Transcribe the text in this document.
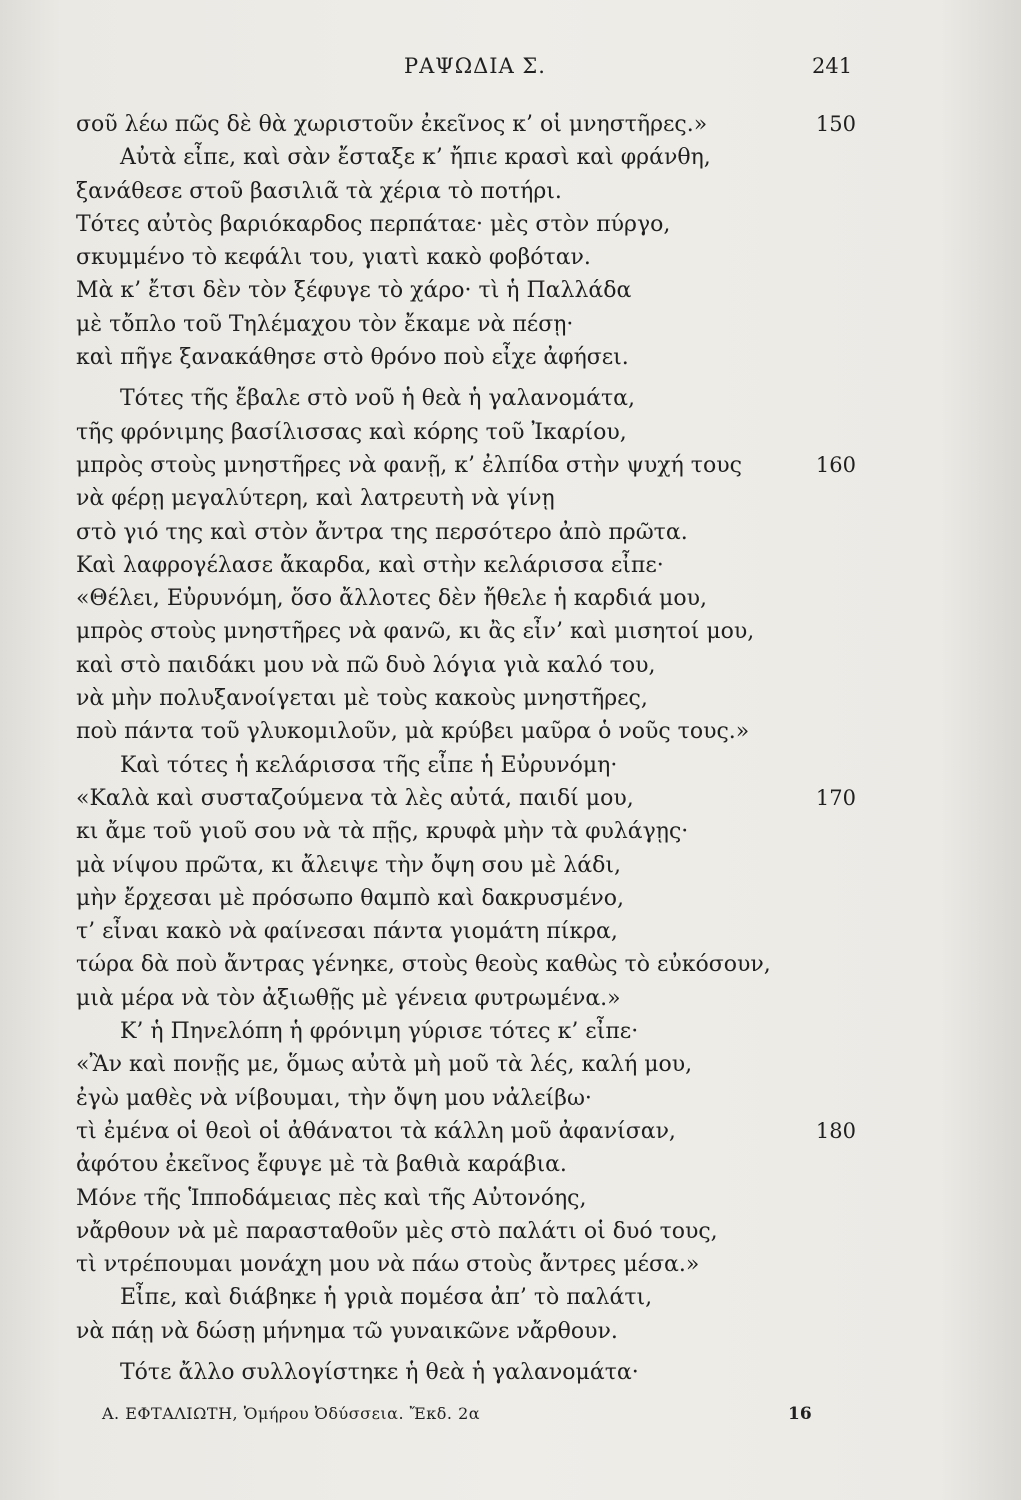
ΡΑΨΩΔΙΑ Σ.	241
σοῦ λέω πῶς δὲ θὰ χωριστοῦν ἐκεῖνος κ’ οἱ μνηστῆρες.»	150
Αὐτὰ εἶπε, καὶ σὰν ἔσταξε κ’ ἤπιε κρασὶ καὶ φράνθη,
ξανάθεσε στοῦ βασιλιᾶ τὰ χέρια τὸ ποτήρι.
Τότες αὐτὸς βαριόκαρδος περπάταε· μὲς στὸν πύργο,
σκυμμένο τὸ κεφάλι του, γιατὶ κακὸ φοβόταν.
Μὰ κ’ ἔτσι δὲν τὸν ξέφυγε τὸ χάρο· τὶ ἡ Παλλάδα
μὲ τὄπλο τοῦ Τηλέμαχου τὸν ἔκαμε νὰ πέσῃ·
καὶ πῆγε ξανακάθησε στὸ θρόνο ποὺ εἶχε ἀφήσει.
Τότες τῆς ἔβαλε στὸ νοῦ ἡ θεὰ ἡ γαλανομάτα,
τῆς φρόνιμης βασίλισσας καὶ κόρης τοῦ Ἰκαρίου,
μπρὸς στοὺς μνηστῆρες νὰ φανῇ, κ’ ἐλπίδα στὴν ψυχή τους	160
νὰ φέρῃ μεγαλύτερη, καὶ λατρευτὴ νὰ γίνῃ
στὸ γιό της καὶ στὸν ἄντρα της περσότερο ἀπὸ πρῶτα.
Καὶ λαφρογέλασε ἄκαρδα, καὶ στὴν κελάρισσα εἶπε·
«Θέλει, Εὐρυνόμη, ὅσο ἄλλοτες δὲν ἤθελε ἡ καρδιά μου,
μπρὸς στοὺς μνηστῆρες νὰ φανῶ, κι ἂς εἶν’ καὶ μισητοί μου,
καὶ στὸ παιδάκι μου νὰ πῶ δυὸ λόγια γιὰ καλό του,
νὰ μὴν πολυξανοίγεται μὲ τοὺς κακοὺς μνηστῆρες,
ποὺ πάντα τοῦ γλυκομιλοῦν, μὰ κρύβει μαῦρα ὁ νοῦς τους.»
Καὶ τότες ἡ κελάρισσα τῆς εἶπε ἡ Εὐρυνόμη·
«Καλὰ καὶ συσταζούμενα τὰ λὲς αὐτά, παιδί μου,	170
κι ἄμε τοῦ γιοῦ σου νὰ τὰ πῇς, κρυφὰ μὴν τὰ φυλάγῃς·
μὰ νίψου πρῶτα, κι ἄλειψε τὴν ὄψη σου μὲ λάδι,
μὴν ἔρχεσαι μὲ πρόσωπο θαμπὸ καὶ δακρυσμένο,
τ’ εἶναι κακὸ νὰ φαίνεσαι πάντα γιομάτη πίκρα,
τώρα δὰ ποὺ ἄντρας γένηκε, στοὺς θεοὺς καθὼς τὸ εὐκόσουν,
μιὰ μέρα νὰ τὸν ἀξιωθῇς μὲ γένεια φυτρωμένα.»
Κ’ ἡ Πηνελόπη ἡ φρόνιμη γύρισε τότες κ’ εἶπε·
«Ἂν καὶ πονῇς με, ὅμως αὐτὰ μὴ μοῦ τὰ λές, καλή μου,
ἐγὼ μαθὲς νὰ νίβουμαι, τὴν ὄψη μου νἀλείβω·
τὶ ἐμένα οἱ θεοὶ οἱ ἀθάνατοι τὰ κάλλη μοῦ ἀφανίσαν,	180
ἀφότου ἐκεῖνος ἔφυγε μὲ τὰ βαθιὰ καράβια.
Μόνε τῆς Ἱπποδάμειας πὲς καὶ τῆς Αὐτονόης,
νἄρθουν νὰ μὲ παρασταθοῦν μὲς στὸ παλάτι οἱ δυό τους,
τὶ ντρέπουμαι μονάχη μου νὰ πάω στοὺς ἄντρες μέσα.»
Εἶπε, καὶ διάβηκε ἡ γριὰ πομέσα ἀπ’ τὸ παλάτι,
νὰ πάῃ νὰ δώσῃ μήνημα τῶ γυναικῶνε νἄρθουν.
Τότε ἄλλο συλλογίστηκε ἡ θεὰ ἡ γαλανομάτα·
Α. ΕΦΤΑΛΙΩΤΗ, Ὁμήρου Ὀδύσσεια. Ἔκδ. 2α	16
